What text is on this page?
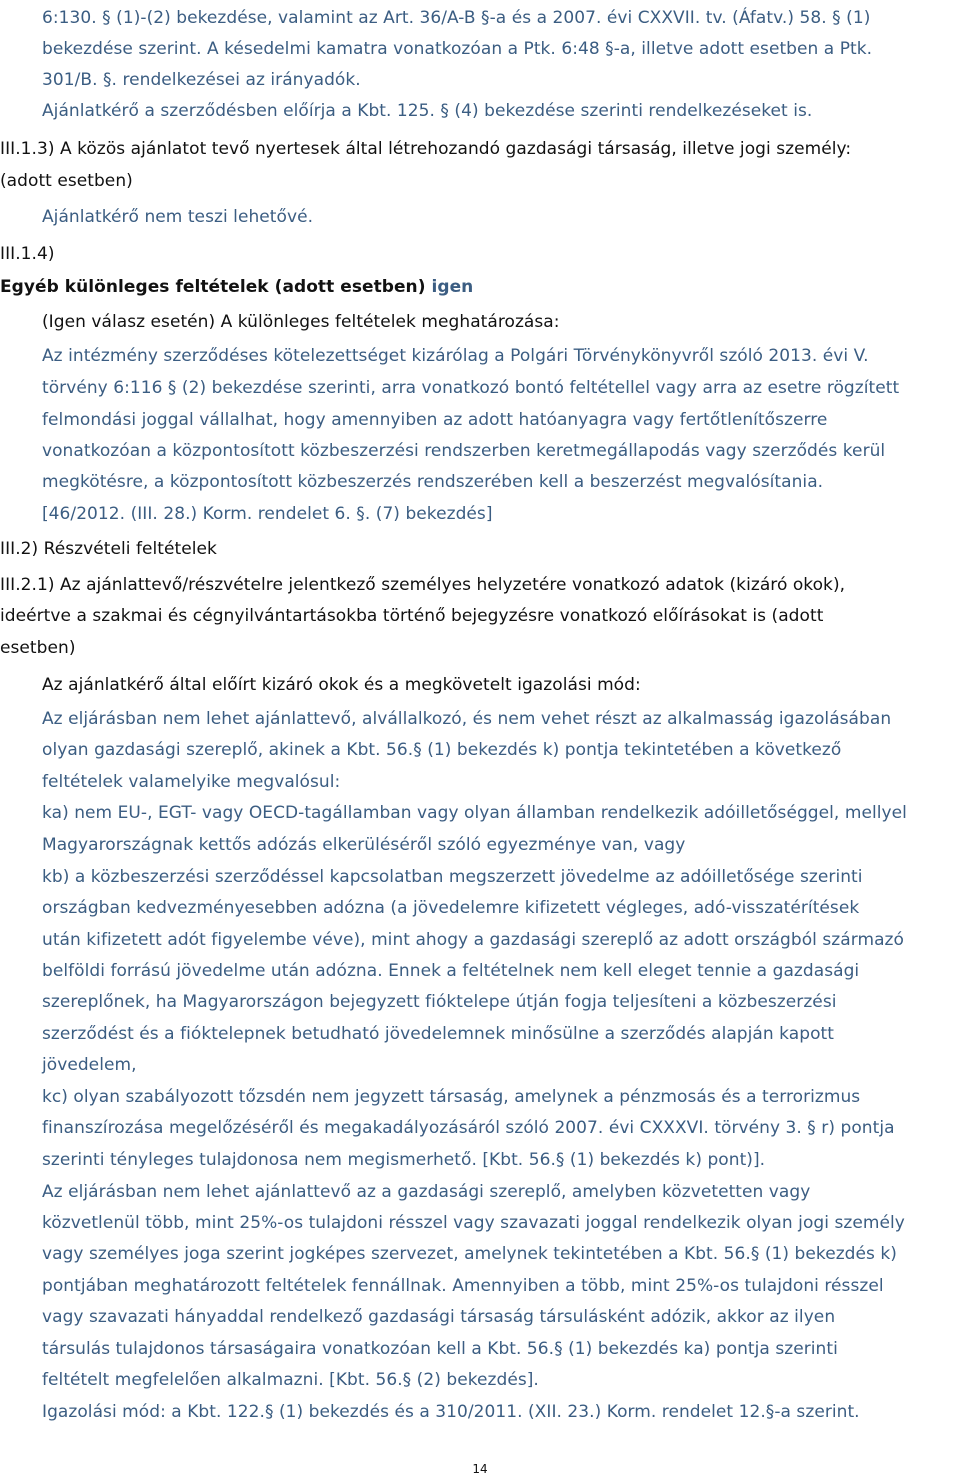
6:130. § (1)-(2) bekezdése, valamint az Art. 36/A-B §-a és a 2007. évi CXXVII. tv. (Áfatv.) 58. § (1)
bekezdése szerint. A késedelmi kamatra vonatkozóan a Ptk. 6:48 §-a, illetve adott esetben a Ptk.
301/B. §. rendelkezései az irányadók.
Ajánlatkérő a szerződésben előírja a Kbt. 125. § (4) bekezdése szerinti rendelkezéseket is.
III.1.3) A közös ajánlatot tevő nyertesek által létrehozandó gazdasági társaság, illetve jogi személy:
(adott esetben)
Ajánlatkérő nem teszi lehetővé.
III.1.4)
Egyéb különleges feltételek (adott esetben) igen
(Igen válasz esetén) A különleges feltételek meghatározása:
Az intézmény szerződéses kötelezettséget kizárólag a Polgári Törvénykönyvről szóló 2013. évi V.
törvény 6:116 § (2) bekezdése szerinti, arra vonatkozó bontó feltétellel vagy arra az esetre rögzített
felmondási joggal vállalhat, hogy amennyiben az adott hatóanyagra vagy fertőtlenítőszerre
vonatkozóan a központosított közbeszerzési rendszerben keretmegállapodás vagy szerződés kerül
megkötésre, a központosított közbeszerzés rendszerében kell a beszerzést megvalósítania.
[46/2012. (III. 28.) Korm. rendelet 6. §. (7) bekezdés]
III.2) Részvételi feltételek
III.2.1) Az ajánlattevő/részvételre jelentkező személyes helyzetére vonatkozó adatok (kizáró okok),
ideértve a szakmai és cégnyilvántartásokba történő bejegyzésre vonatkozó előírásokat is (adott
esetben)
Az ajánlatkérő által előírt kizáró okok és a megkövetelt igazolási mód:
Az eljárásban nem lehet ajánlattevő, alvállalkozó, és nem vehet részt az alkalmasság igazolásában
olyan gazdasági szereplő, akinek a Kbt. 56.§ (1) bekezdés k) pontja tekintetében a következő
feltételek valamelyike megvalósul:
ka) nem EU-, EGT- vagy OECD-tagállamban vagy olyan államban rendelkezik adóilletőséggel, mellyel
Magyarországnak kettős adózás elkerüléséről szóló egyezménye van, vagy
kb) a közbeszerzési szerződéssel kapcsolatban megszerzett jövedelme az adóilletősége szerinti
országban kedvezményesebben adózna (a jövedelemre kifizetett végleges, adó-visszatérítések
után kifizetett adót figyelembe véve), mint ahogy a gazdasági szereplő az adott országból származó
belföldi forrású jövedelme után adózna. Ennek a feltételnek nem kell eleget tennie a gazdasági
szereplőnek, ha Magyarországon bejegyzett fióktelepe útján fogja teljesíteni a közbeszerzési
szerződést és a fióktelepnek betudható jövedelemnek minősülne a szerződés alapján kapott
jövedelem,
kc) olyan szabályozott tőzsdén nem jegyzett társaság, amelynek a pénzmosás és a terrorizmus
finanszírozása megelőzéséről és megakadályozásáról szóló 2007. évi CXXXVI. törvény 3. § r) pontja
szerinti tényleges tulajdonosa nem megismerhető. [Kbt. 56.§ (1) bekezdés k) pont)].
Az eljárásban nem lehet ajánlattevő az a gazdasági szereplő, amelyben közvetetten vagy
közvetlenül több, mint 25%-os tulajdoni résszel vagy szavazati joggal rendelkezik olyan jogi személy
vagy személyes joga szerint jogképes szervezet, amelynek tekintetében a Kbt. 56.§ (1) bekezdés k)
pontjában meghatározott feltételek fennállnak. Amennyiben a több, mint 25%-os tulajdoni résszel
vagy szavazati hányaddal rendelkező gazdasági társaság társulásként adózik, akkor az ilyen
társulás tulajdonos társaságaira vonatkozóan kell a Kbt. 56.§ (1) bekezdés ka) pontja szerinti
feltételt megfelelően alkalmazni. [Kbt. 56.§ (2) bekezdés].
Igazolási mód: a Kbt. 122.§ (1) bekezdés és a 310/2011. (XII. 23.) Korm. rendelet 12.§-a szerint.
14
